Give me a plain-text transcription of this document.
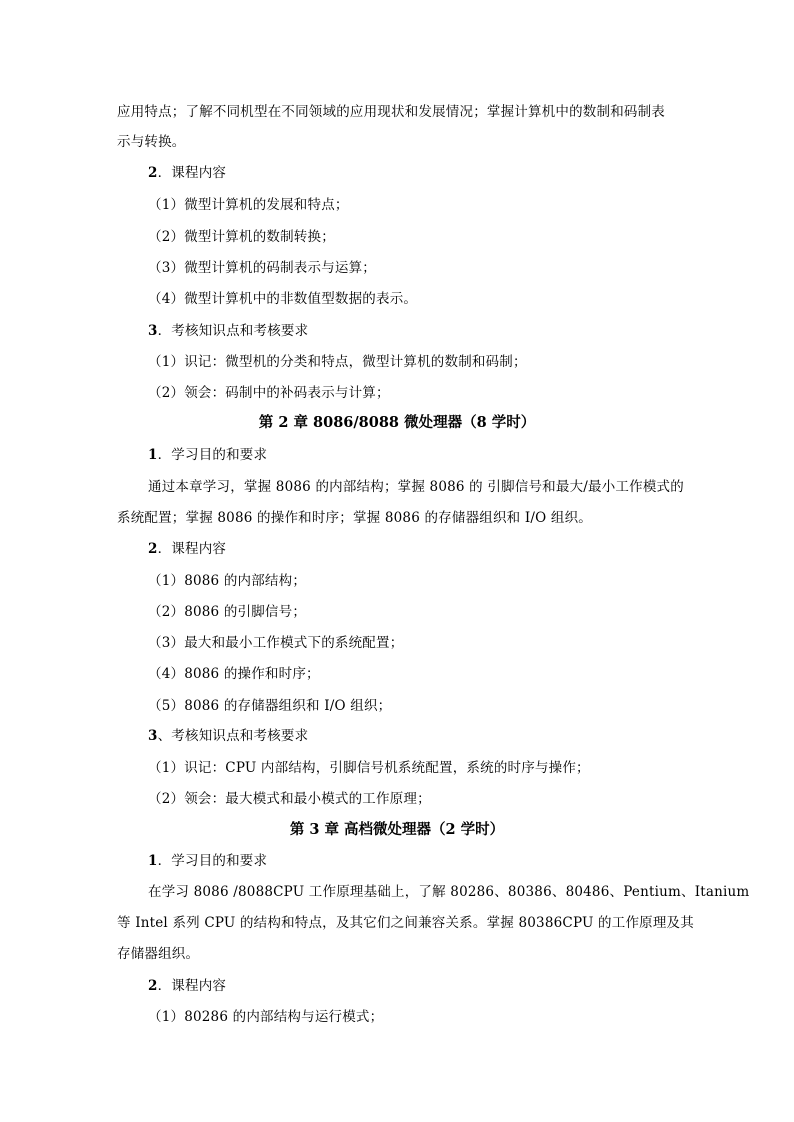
应用特点；了解不同机型在不同领域的应用现状和发展情况；掌握计算机中的数制和码制表
示与转换。
2．课程内容
（1）微型计算机的发展和特点；
（2）微型计算机的数制转换；
（3）微型计算机的码制表示与运算；
（4）微型计算机中的非数值型数据的表示。
3．考核知识点和考核要求
（1）识记：微型机的分类和特点，微型计算机的数制和码制；
（2）领会：码制中的补码表示与计算；
第 2 章 8086/8088 微处理器（8 学时）
1．学习目的和要求
通过本章学习，掌握 8086 的内部结构；掌握 8086 的 引脚信号和最大/最小工作模式的
系统配置；掌握 8086 的操作和时序；掌握 8086 的存储器组织和 I/O 组织。
2．课程内容
（1）8086 的内部结构；
（2）8086 的引脚信号；
（3）最大和最小工作模式下的系统配置；
（4）8086 的操作和时序；
（5）8086 的存储器组织和 I/O 组织；
3、考核知识点和考核要求
（1）识记：CPU 内部结构，引脚信号机系统配置，系统的时序与操作；
（2）领会：最大模式和最小模式的工作原理；
第 3 章 高档微处理器（2 学时）
1．学习目的和要求
在学习 8086 /8088CPU 工作原理基础上，了解 80286、80386、80486、Pentium、Itanium
等 Intel 系列 CPU 的结构和特点，及其它们之间兼容关系。掌握 80386CPU 的工作原理及其
存储器组织。
2．课程内容
（1）80286 的内部结构与运行模式；
